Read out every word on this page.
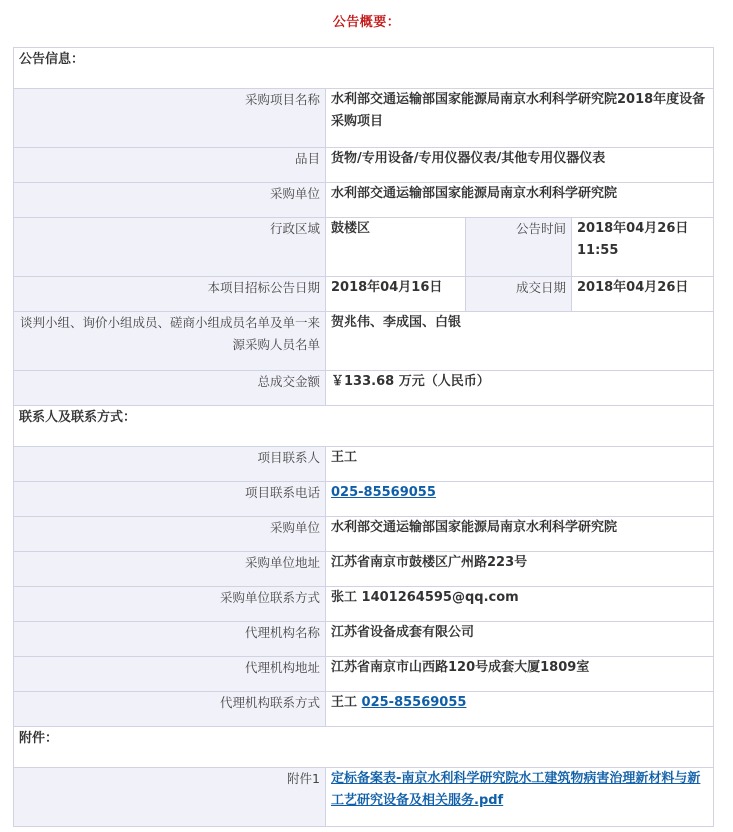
公告概要：
公告信息：			
采购项目名称	水利部交通运输部国家能源局南京水利科学研究院2018年度设备采购项目		
品目	货物/专用设备/专用仪器仪表/其他专用仪器仪表		
采购单位	水利部交通运输部国家能源局南京水利科学研究院		
行政区域	鼓楼区	公告时间	2018年04月26日 11:55
本项目招标公告日期	2018年04月16日	成交日期	2018年04月26日
谈判小组、询价小组成员、磋商小组成员名单及单一来源采购人员名单	贺兆伟、李成国、白银		
总成交金额	￥133.68 万元（人民币）		
联系人及联系方式：			
项目联系人	王工		
项目联系电话	025-85569055		
采购单位	水利部交通运输部国家能源局南京水利科学研究院		
采购单位地址	江苏省南京市鼓楼区广州路223号		
采购单位联系方式	张工 1401264595@qq.com		
代理机构名称	江苏省设备成套有限公司		
代理机构地址	江苏省南京市山西路120号成套大厦1809室		
代理机构联系方式	王工 025-85569055		
附件：			
附件1	定标备案表-南京水利科学研究院水工建筑物病害治理新材料与新工艺研究设备及相关服务.pdf		
